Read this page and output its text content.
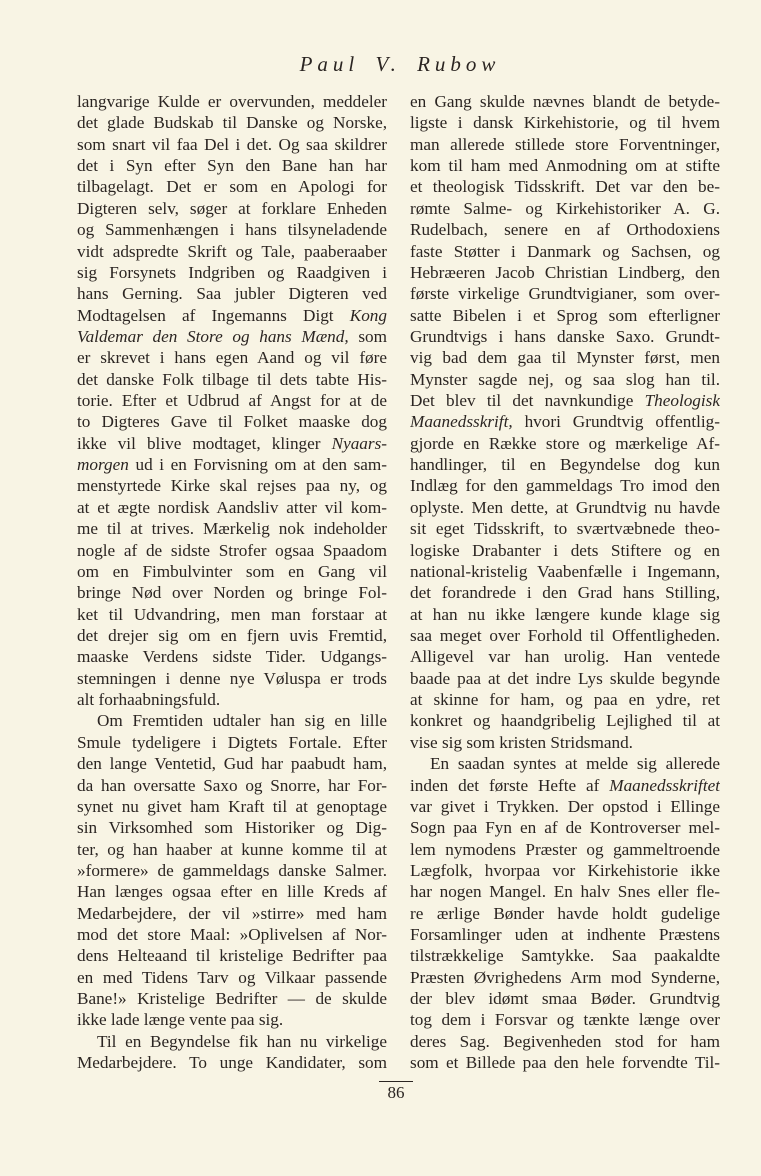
Paul V. Rubow
langvarige Kulde er overvunden, meddeler
det glade Budskab til Danske og Norske,
som snart vil faa Del i det. Og saa skildrer
det i Syn efter Syn den Bane han har
tilbagelagt. Det er som en Apologi for
Digteren selv, søger at forklare Enheden
og Sammenhængen i hans tilsyneladende
vidt adspredte Skrift og Tale, paaberaaber
sig Forsynets Indgriben og Raadgiven i
hans Gerning. Saa jubler Digteren ved
Modtagelsen af Ingemanns Digt Kong
Valdemar den Store og hans Mænd, som
er skrevet i hans egen Aand og vil føre
det danske Folk tilbage til dets tabte His-
torie. Efter et Udbrud af Angst for at de
to Digteres Gave til Folket maaske dog
ikke vil blive modtaget, klinger Nyaars-
morgen ud i en Forvisning om at den sam-
menstyrtede Kirke skal rejses paa ny, og
at et ægte nordisk Aandsliv atter vil kom-
me til at trives. Mærkelig nok indeholder
nogle af de sidste Strofer ogsaa Spaadom
om en Fimbulvinter som en Gang vil
bringe Nød over Norden og bringe Fol-
ket til Udvandring, men man forstaar at
det drejer sig om en fjern uvis Fremtid,
maaske Verdens sidste Tider. Udgangs-
stemningen i denne nye Vøluspa er trods
alt forhaabningsfuld.
Om Fremtiden udtaler han sig en lille
Smule tydeligere i Digtets Fortale. Efter
den lange Ventetid, Gud har paabudt ham,
da han oversatte Saxo og Snorre, har For-
synet nu givet ham Kraft til at genoptage
sin Virksomhed som Historiker og Dig-
ter, og han haaber at kunne komme til at
»formere» de gammeldags danske Salmer.
Han længes ogsaa efter en lille Kreds af
Medarbejdere, der vil »stirre» med ham
mod det store Maal: »Oplivelsen af Nor-
dens Helteaand til kristelige Bedrifter paa
en med Tidens Tarv og Vilkaar passende
Bane!» Kristelige Bedrifter — de skulde
ikke lade længe vente paa sig.
Til en Begyndelse fik han nu virkelige
Medarbejdere. To unge Kandidater, som
en Gang skulde nævnes blandt de betyde-
ligste i dansk Kirkehistorie, og til hvem
man allerede stillede store Forventninger,
kom til ham med Anmodning om at stifte
et theologisk Tidsskrift. Det var den be-
rømte Salme- og Kirkehistoriker A. G.
Rudelbach, senere en af Orthodoxiens
faste Støtter i Danmark og Sachsen, og
Hebræeren Jacob Christian Lindberg, den
første virkelige Grundtvigianer, som over-
satte Bibelen i et Sprog som efterligner
Grundtvigs i hans danske Saxo. Grundt-
vig bad dem gaa til Mynster først, men
Mynster sagde nej, og saa slog han til.
Det blev til det navnkundige Theologisk
Maanedsskrift, hvori Grundtvig offentlig-
gjorde en Række store og mærkelige Af-
handlinger, til en Begyndelse dog kun
Indlæg for den gammeldags Tro imod den
oplyste. Men dette, at Grundtvig nu havde
sit eget Tidsskrift, to sværtvæbnede theo-
logiske Drabanter i dets Stiftere og en
national-kristelig Vaabenfælle i Ingemann,
det forandrede i den Grad hans Stilling,
at han nu ikke længere kunde klage sig
saa meget over Forhold til Offentligheden.
Alligevel var han urolig. Han ventede
baade paa at det indre Lys skulde begynde
at skinne for ham, og paa en ydre, ret
konkret og haandgribelig Lejlighed til at
vise sig som kristen Stridsmand.
En saadan syntes at melde sig allerede
inden det første Hefte af Maanedsskriftet
var givet i Trykken. Der opstod i Ellinge
Sogn paa Fyn en af de Kontroverser mel-
lem nymodens Præster og gammeltroende
Lægfolk, hvorpaa vor Kirkehistorie ikke
har nogen Mangel. En halv Snes eller fle-
re ærlige Bønder havde holdt gudelige
Forsamlinger uden at indhente Præstens
tilstrækkelige Samtykke. Saa paakaldte
Præsten Øvrighedens Arm mod Synderne,
der blev idømt smaa Bøder. Grundtvig
tog dem i Forsvar og tænkte længe over
deres Sag. Begivenheden stod for ham
som et Billede paa den hele forvendte Til-
86
